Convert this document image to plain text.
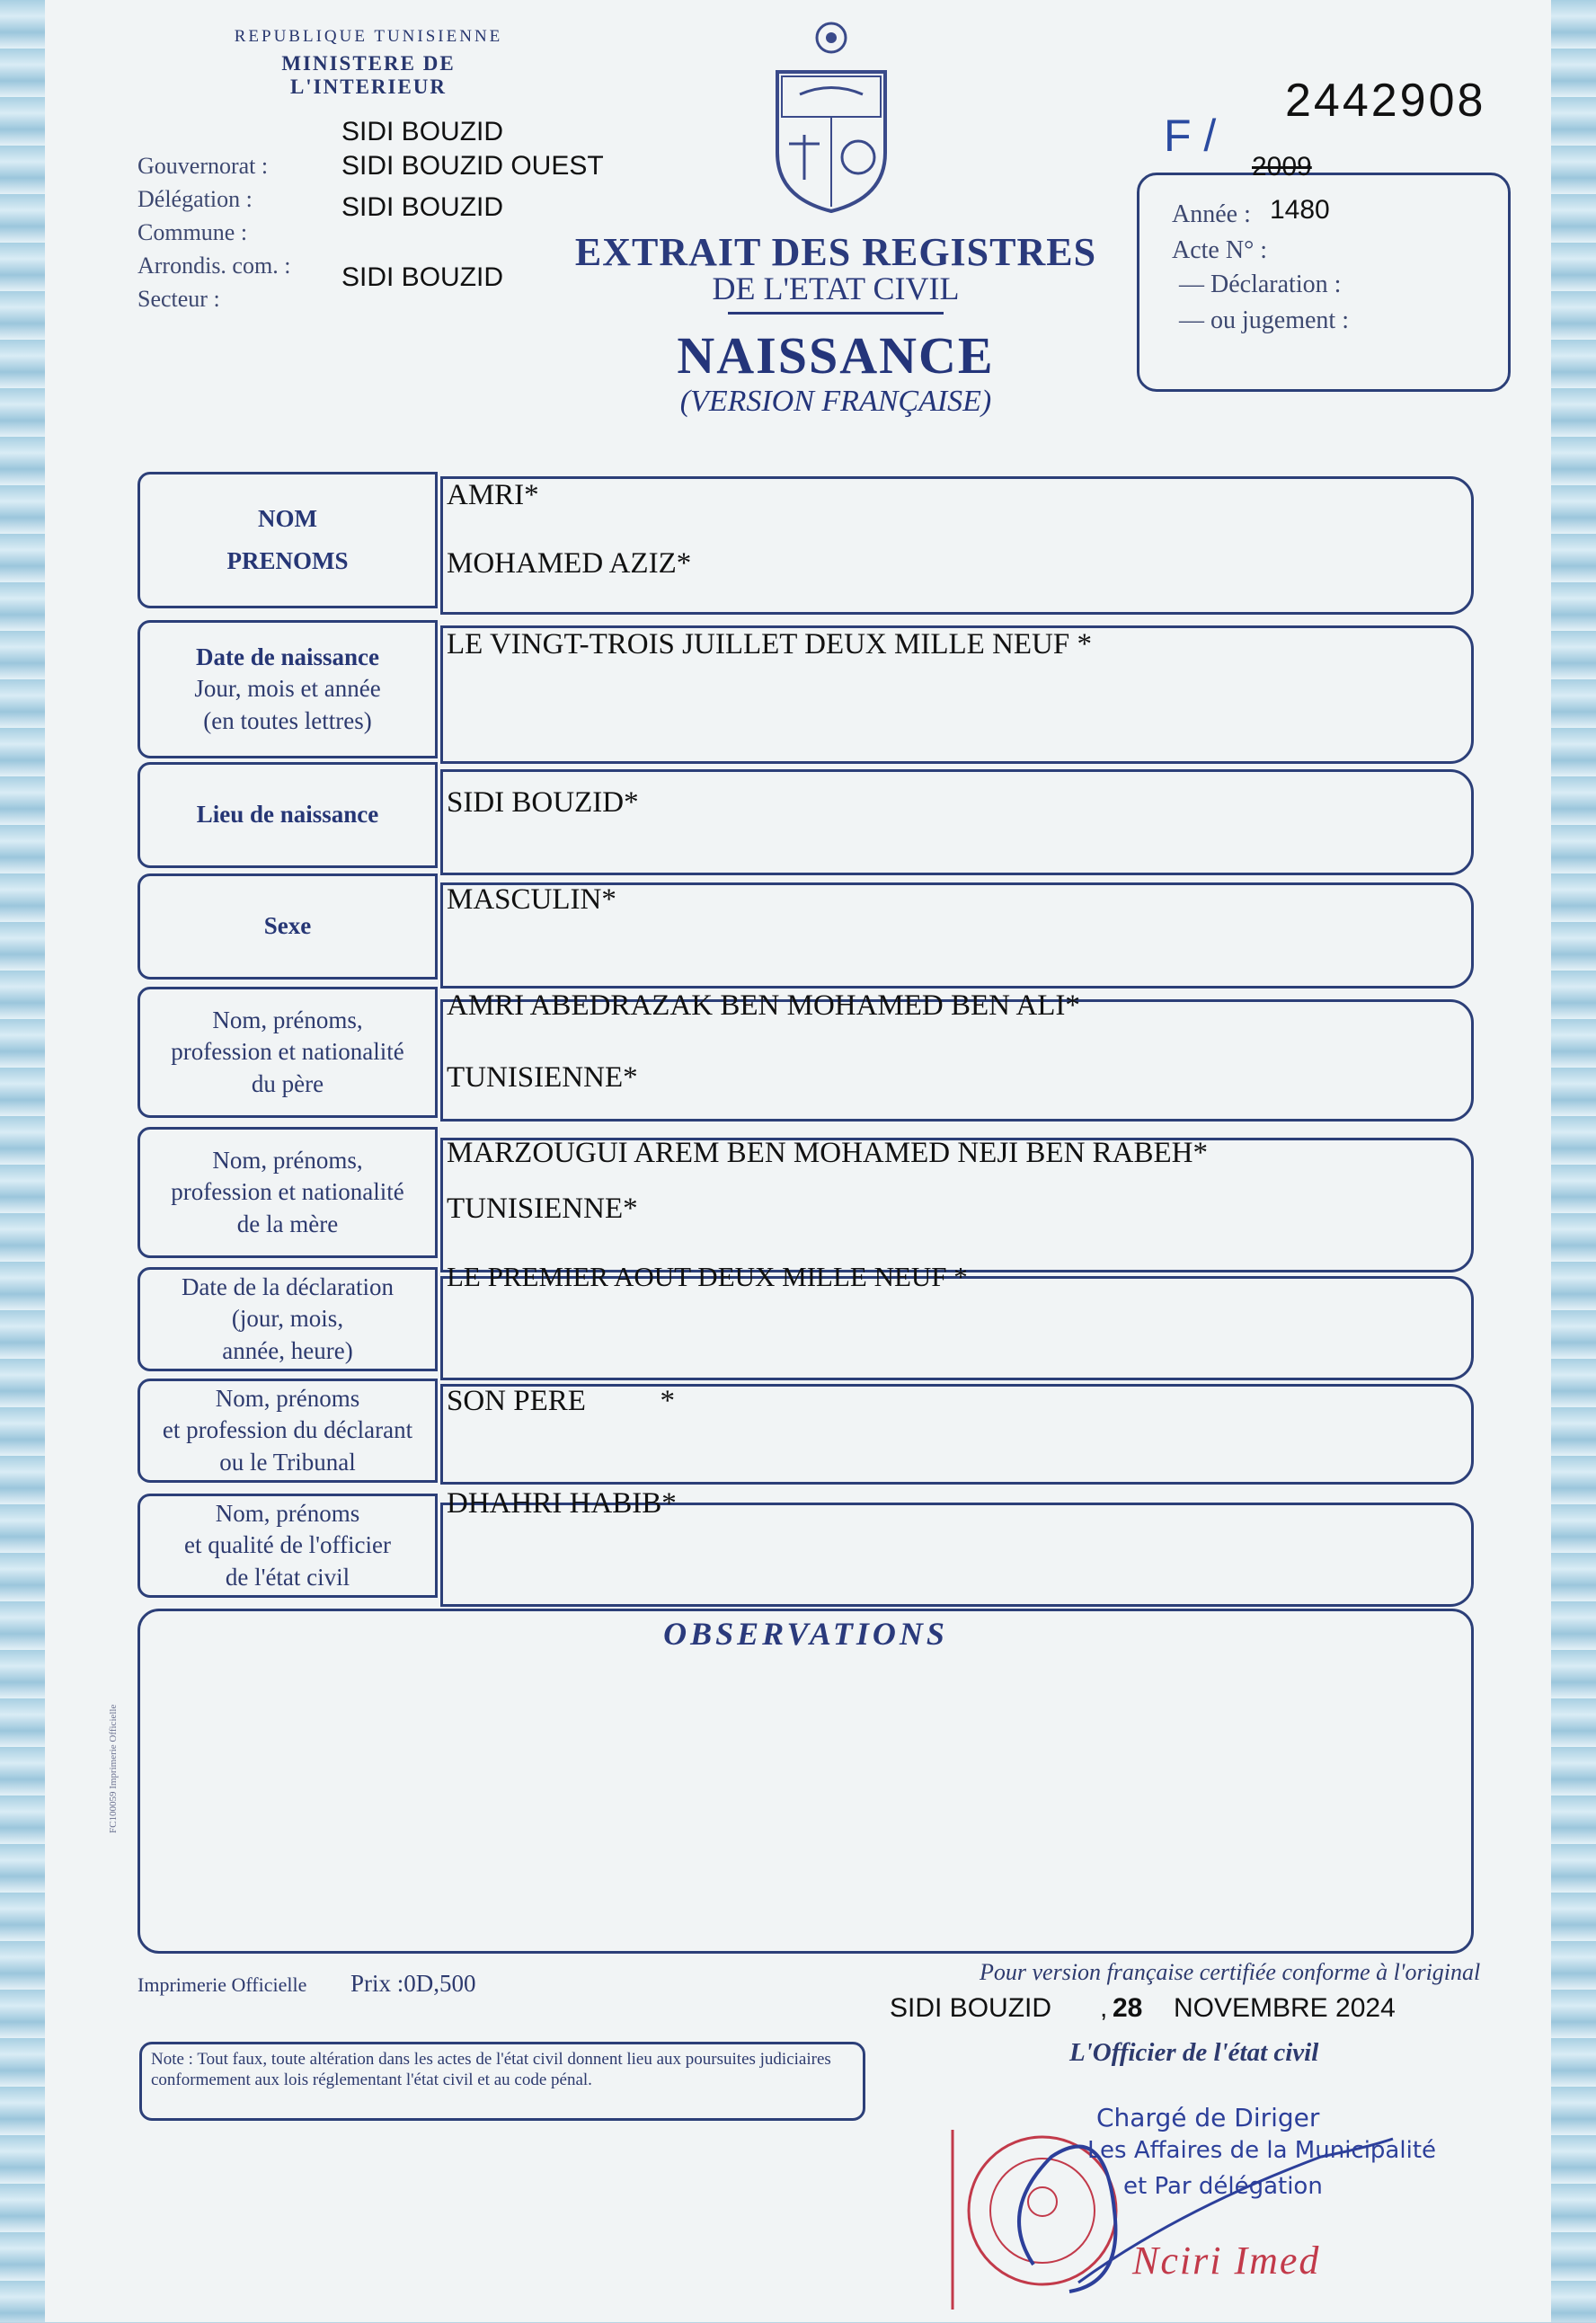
REPUBLIQUE TUNISIENNE
MINISTERE DE L'INTERIEUR
Gouvernorat :
Délégation :
Commune :
Arrondis. com. :
Secteur :
SIDI BOUZID
SIDI BOUZID OUEST
SIDI BOUZID
SIDI BOUZID
EXTRAIT DES REGISTRES
DE L'ETAT CIVIL
NAISSANCE
(VERSION FRANÇAISE)
2442908
F /
Année :
2009
1480
Acte N° :
— Déclaration :
— ou jugement :
NOM
PRENOMS
AMRI*
MOHAMED AZIZ*
Date de naissance
Jour, mois et année
(en toutes lettres)
LE VINGT-TROIS JUILLET DEUX MILLE NEUF *
Lieu de naissance SIDI BOUZID*
Sexe
MASCULIN*
Nom, prénoms,
profession et nationalité
du père
AMRI ABEDRAZAK BEN MOHAMED BEN ALI*
TUNISIENNE*
Nom, prénoms,
profession et nationalité
de la mère
MARZOUGUI AREM BEN MOHAMED NEJI BEN RABEH*
TUNISIENNE*
Date de la déclaration
(jour, mois,
année, heure)
LE PREMIER AOUT DEUX MILLE NEUF *
Nom, prénoms
et profession du déclarant
ou le Tribunal
SON PERE          *
Nom, prénoms
et qualité de l'officier
de l'état civil
DHAHRI HABIB*
OBSERVATIONS
FC100059 Imprimerie Officielle
Imprimerie Officielle Prix :0D,500	Pour version française certifiée conforme à l'original
SIDI BOUZID , 28 NOVEMBRE 2024
L'Officier de l'état civil
Note : Tout faux, toute altération dans les actes de l'état civil donnent lieu aux poursuites judiciaires conformement aux lois réglementant l'état civil et au code pénal.
Chargé de Diriger
Les Affaires de la Municipalité
et Par délégation
Nciri Imed
